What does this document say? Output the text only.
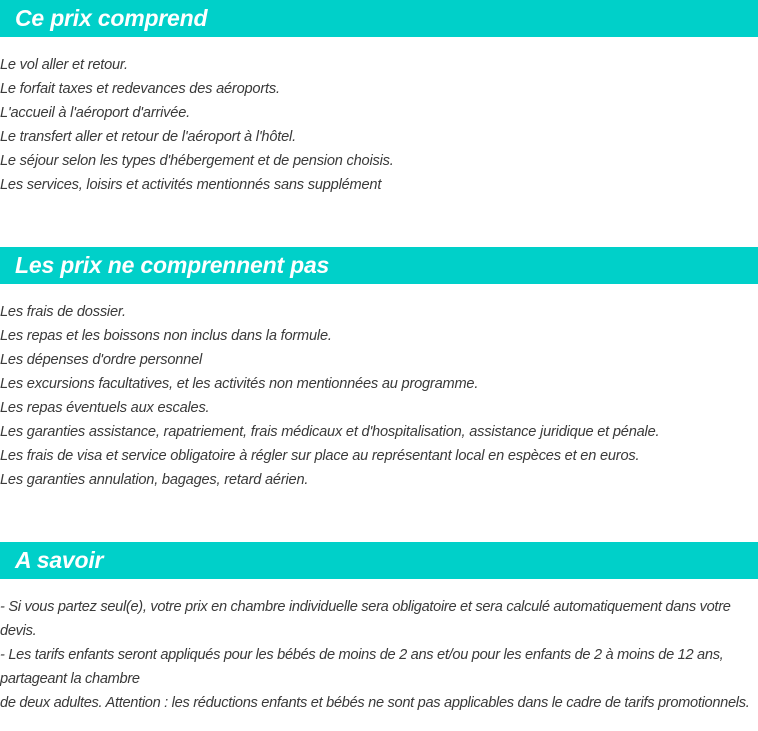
Ce prix comprend
Le vol aller et retour.
Le forfait taxes et redevances des aéroports.
L'accueil à l'aéroport d'arrivée.
Le transfert aller et retour de l'aéroport à l'hôtel.
Le séjour selon les types d'hébergement et de pension choisis.
Les services, loisirs et activités mentionnés sans supplément
Les prix ne comprennent pas
Les frais de dossier.
Les repas et les boissons non inclus dans la formule.
Les dépenses d'ordre personnel
Les excursions facultatives, et les activités non mentionnées au programme.
Les repas éventuels aux escales.
Les garanties assistance, rapatriement, frais médicaux et d'hospitalisation, assistance juridique et pénale.
Les frais de visa et service obligatoire à régler sur place au représentant local en espèces et en euros.
Les garanties annulation, bagages, retard aérien.
A savoir

- Si vous partez seul(e), votre prix en chambre individuelle sera obligatoire et sera calculé automatiquement dans votre devis.

- Les tarifs enfants seront appliqués pour les bébés de moins de 2 ans et/ou pour les enfants de 2 à moins de 12 ans, partageant la chambre

de deux adultes. Attention : les réductions enfants et bébés ne sont pas applicables dans le cadre de tarifs promotionnels.
